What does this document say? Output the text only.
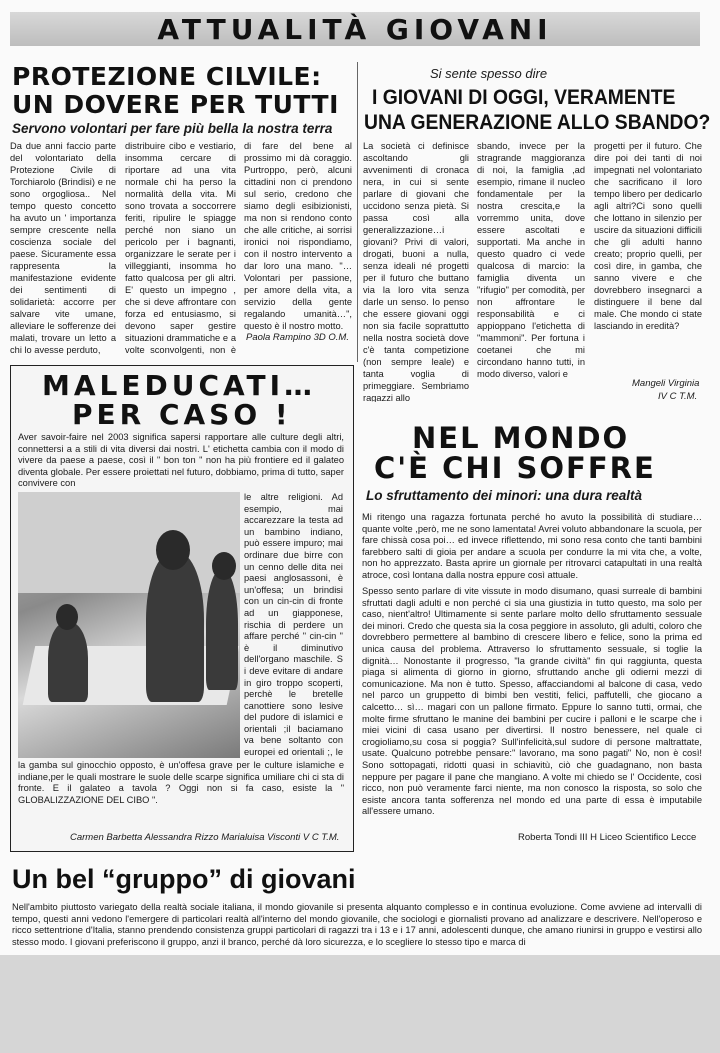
ATTUALITÀ GIOVANI
PROTEZIONE CILVILE:
UN DOVERE PER TUTTI
Servono volontari per fare più bella la nostra terra
Da due anni faccio parte del volontariato della Protezione Civile di Torchiarolo (Brindisi) e ne sono orgogliosa.. Nel tempo questo concetto ha avuto un ' importanza sempre crescente nella coscienza sociale del paese. Sicuramente essa rappresenta la manifestazione evidente dei sentimenti di solidarietà: accorre per salvare vite umane, alleviare le sofferenze dei malati, trovare un letto a chi lo avesse perduto,
distribuire cibo e vestiario, insomma cercare di riportare ad una vita normale chi ha perso la normalità della vita. Mi sono trovata a soccorrere feriti, ripulire le spiagge perché non siano un pericolo per i bagnanti, organizzare le serate per i villeggianti, insomma ho fatto qualcosa per gli altri. E' questo un impegno , che si deve affrontare con forza ed entusiasmo, si devono saper gestire situazioni drammatiche e a volte sconvolgenti, non è
di fare del bene al prossimo mi dà coraggio. Purtroppo, però, alcuni cittadini non ci prendono sul serio, credono che siamo degli esibizionisti, ma non si rendono conto che alle critiche, ai sorrisi ironici noi rispondiamo, con il nostro intervento a dar loro una mano. "…Volontari per passione, per amore della vita, a servizio della gente regalando umanità…", questo è il nostro motto.
Paola Rampino 3D O.M.
Si sente spesso dire
I GIOVANI DI OGGI, VERAMENTE
UNA GENERAZIONE ALLO SBANDO?
La società ci definisce ascoltando gli avvenimenti di cronaca nera, in cui si sente parlare di giovani che uccidono senza pietà. Si passa così alla generalizzazione…i giovani? Privi di valori, drogati, buoni a nulla, senza ideali né progetti per il futuro che buttano via la loro vita senza darle un senso. Io penso che essere giovani oggi non sia facile soprattutto nella nostra società dove c'è tanta competizione (non sempre leale) e tanta voglia di primeggiare. Sembriamo ragazzi allo
sbando, invece per la stragrande maggioranza di noi, la famiglia ,ad esempio, rimane il nucleo fondamentale per la nostra crescita,e la vorremmo unita, dove essere ascoltati e supportati. Ma anche in questo quadro ci vede qualcosa di marcio: la famiglia diventa un "rifugio" per comodità, per non affrontare le responsabilità e ci appioppano l'etichetta di "mammoni". Per fortuna i coetanei che mi circondano hanno tutti, in modo diverso, valori e
progetti per il futuro. Che dire poi dei tanti di noi impegnati nel volontariato che sacrificano il loro tempo libero per dedicarlo agli altri?Ci sono quelli che lottano in silenzio per uscire da situazioni difficili che gli adulti hanno creato; proprio quelli, per così dire, in gamba, che sanno vivere e che dovrebbero insegnarci a distinguere il bene dal male. Che mondo ci state lasciando in eredità?
Mangeli Virginia
IV C T.M.
MALEDUCATI…
PER CASO !
Aver savoir-faire nel 2003 significa sapersi rapportare alle culture degli altri, connettersi a a stili di vita diversi dai nostri. L' etichetta cambia con il modo di vivere da paese a paese, così il " bon ton " non ha più frontiere ed il galateo diventa globale. Per essere proiettati nel futuro, dobbiamo, prima di tutto, saper convivere con
le altre religioni. Ad esempio, mai accarezzare la testa ad un bambino indiano, può essere impuro; mai ordinare due birre con un cenno delle dita nei paesi anglosassoni, è un'offesa; un brindisi con un cin-cin di fronte ad un giapponese, rischia di perdere un affare perché " cin-cin " è il diminutivo dell'organo maschile. S i deve evitare di andare in giro troppo scoperti, perchè le bretelle canottiere sono lesive del pudore di islamici e orientali ;il baciamano va bene soltanto con europei ed orientali ;, le
la gamba sul ginocchio opposto, è un'offesa grave per le culture islamiche e indiane,per le quali mostrare le suole delle scarpe significa umiliare chi ci sta di fronte. E il galateo a tavola ? Oggi non si fa caso, esiste la " GLOBALIZZAZIONE DEL CIBO ".
Carmen Barbetta Alessandra Rizzo Marialuisa Visconti V C T.M.
NEL MONDO
C'È CHI SOFFRE
Lo sfruttamento dei minori: una dura realtà
Mi ritengo una ragazza fortunata perché ho avuto la possibilità di studiare… quante volte ,però, me ne sono lamentata! Avrei voluto abbandonare la scuola, per fare chissà cosa poi… ed invece riflettendo, mi sono resa conto che tanti bambini farebbero salti di gioia per andare a scuola per condurre la mi vita che, a volte, non ho apprezzato. Basta aprire un giornale per ritrovarci catapultati in una realtà atroce, così lontana dalla nostra eppure così attuale.
Spesso sento parlare di vite vissute in modo disumano, quasi surreale di bambini sfruttati dagli adulti e non perché ci sia una giustizia in tutto questo, ma solo per caso, nient'altro! Ultimamente si sente parlare molto dello sfruttamento sessuale dei minori. Credo che questa sia la cosa peggiore in assoluto, gli adulti, coloro che dovrebbero permettere al bambino di crescere libero e felice, sono la prima ed unica causa del problema. Attraverso lo sfruttamento sessuale, si toglie la dignità… Nonostante il progresso, "la grande civiltà" fin qui raggiunta, questa piaga si alimenta di giorno in giorno, sfruttando anche gli odierni mezzi di comunicazione. Ma non è tutto. Spesso, affacciandomi al balcone di casa, vedo nel parco un gruppetto di bimbi ben vestiti, felici, paffutelli, che giocano a calcetto… sì… magari con un pallone firmato. Eppure lo sanno tutti, ormai, che molte firme sfruttano le manine dei bambini per cucire i palloni e le scarpe che i miei vicini di casa usano per divertirsi. Il nostro benessere, nel quale ci crogioliamo,su cosa si poggia? Sull'infelicità,sul sudore di persone maltrattate, usate. Qualcuno potrebbe pensare:" lavorano, ma sono pagati" No, non è così! Sono sottopagati, ridotti quasi in schiavitù, ciò che guadagnano, non basta neppure per pagare il pane che mangiano. A volte mi chiedo se l' Occidente, così ricco, non può veramente farci niente, ma non conosco la risposta, so solo che esiste ancora tanta sofferenza nel mondo ed una parte di essa è imputabile all'essere umano.
Roberta Tondi III H Liceo Scientifico Lecce
Un bel “gruppo” di giovani
Nell'ambito piuttosto variegato della realtà sociale italiana, il mondo giovanile si presenta alquanto complesso e in continua evoluzione. Come avviene ad intervalli di tempo, questi anni vedono l'emergere di particolari realtà all'interno del mondo giovanile, che sociologi e giornalisti provano ad analizzare e descrivere. Nell'operoso e ricco settentrione d'Italia, stanno prendendo consistenza gruppi particolari di ragazzi tra i 13 e i 17 anni, adolescenti dunque, che amano riunirsi in gruppo e vestirsi allo stesso modo. I giovani preferiscono il gruppo, anzi il branco, perché dà loro sicurezza, e lo scegliere lo stesso tipo e marca di
